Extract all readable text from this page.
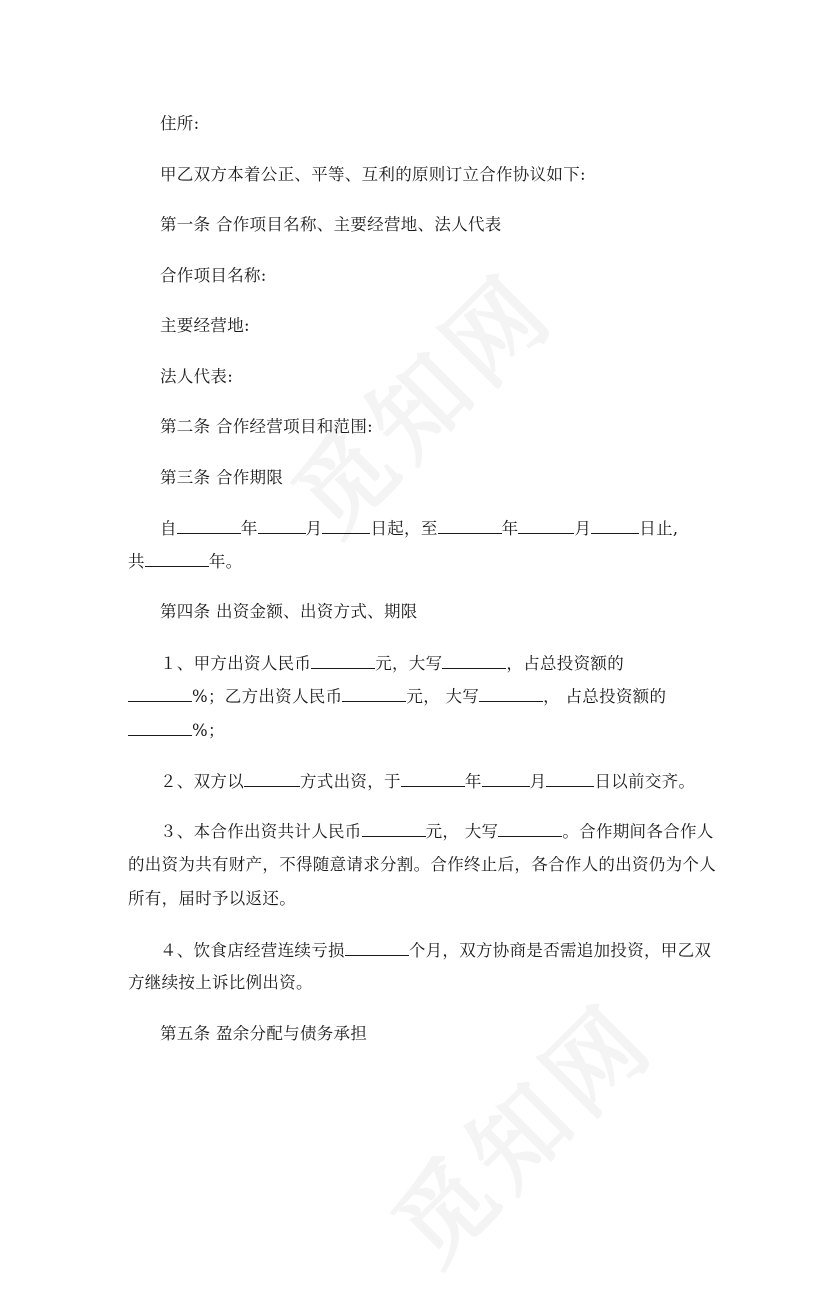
住所:
甲乙双方本着公正、平等、互利的原则订立合作协议如下:
第一条 合作项目名称、主要经营地、法人代表
合作项目名称:
主要经营地:
法人代表:
第二条 合作经营项目和范围:
第三条 合作期限
自	年	月	日起，至	年	月	日止,
共	年。
第四条 出资金额、出资方式、期限
１、甲方出资人民币	元，大写	，占总投资额的
%；乙方出资人民币	元， 大写	， 占总投资额的
%；
２、双方以	方式出资，于	年	月	日以前交齐。
３、本合作出资共计人民币	元， 大写	。合作期间各合作人
的出资为共有财产，不得随意请求分割。合作终止后，各合作人的出资仍为个人
所有，届时予以返还。
４、饮食店经营连续亏损	个月，双方协商是否需追加投资，甲乙双
方继续按上诉比例出资。
第五条 盈余分配与债务承担
